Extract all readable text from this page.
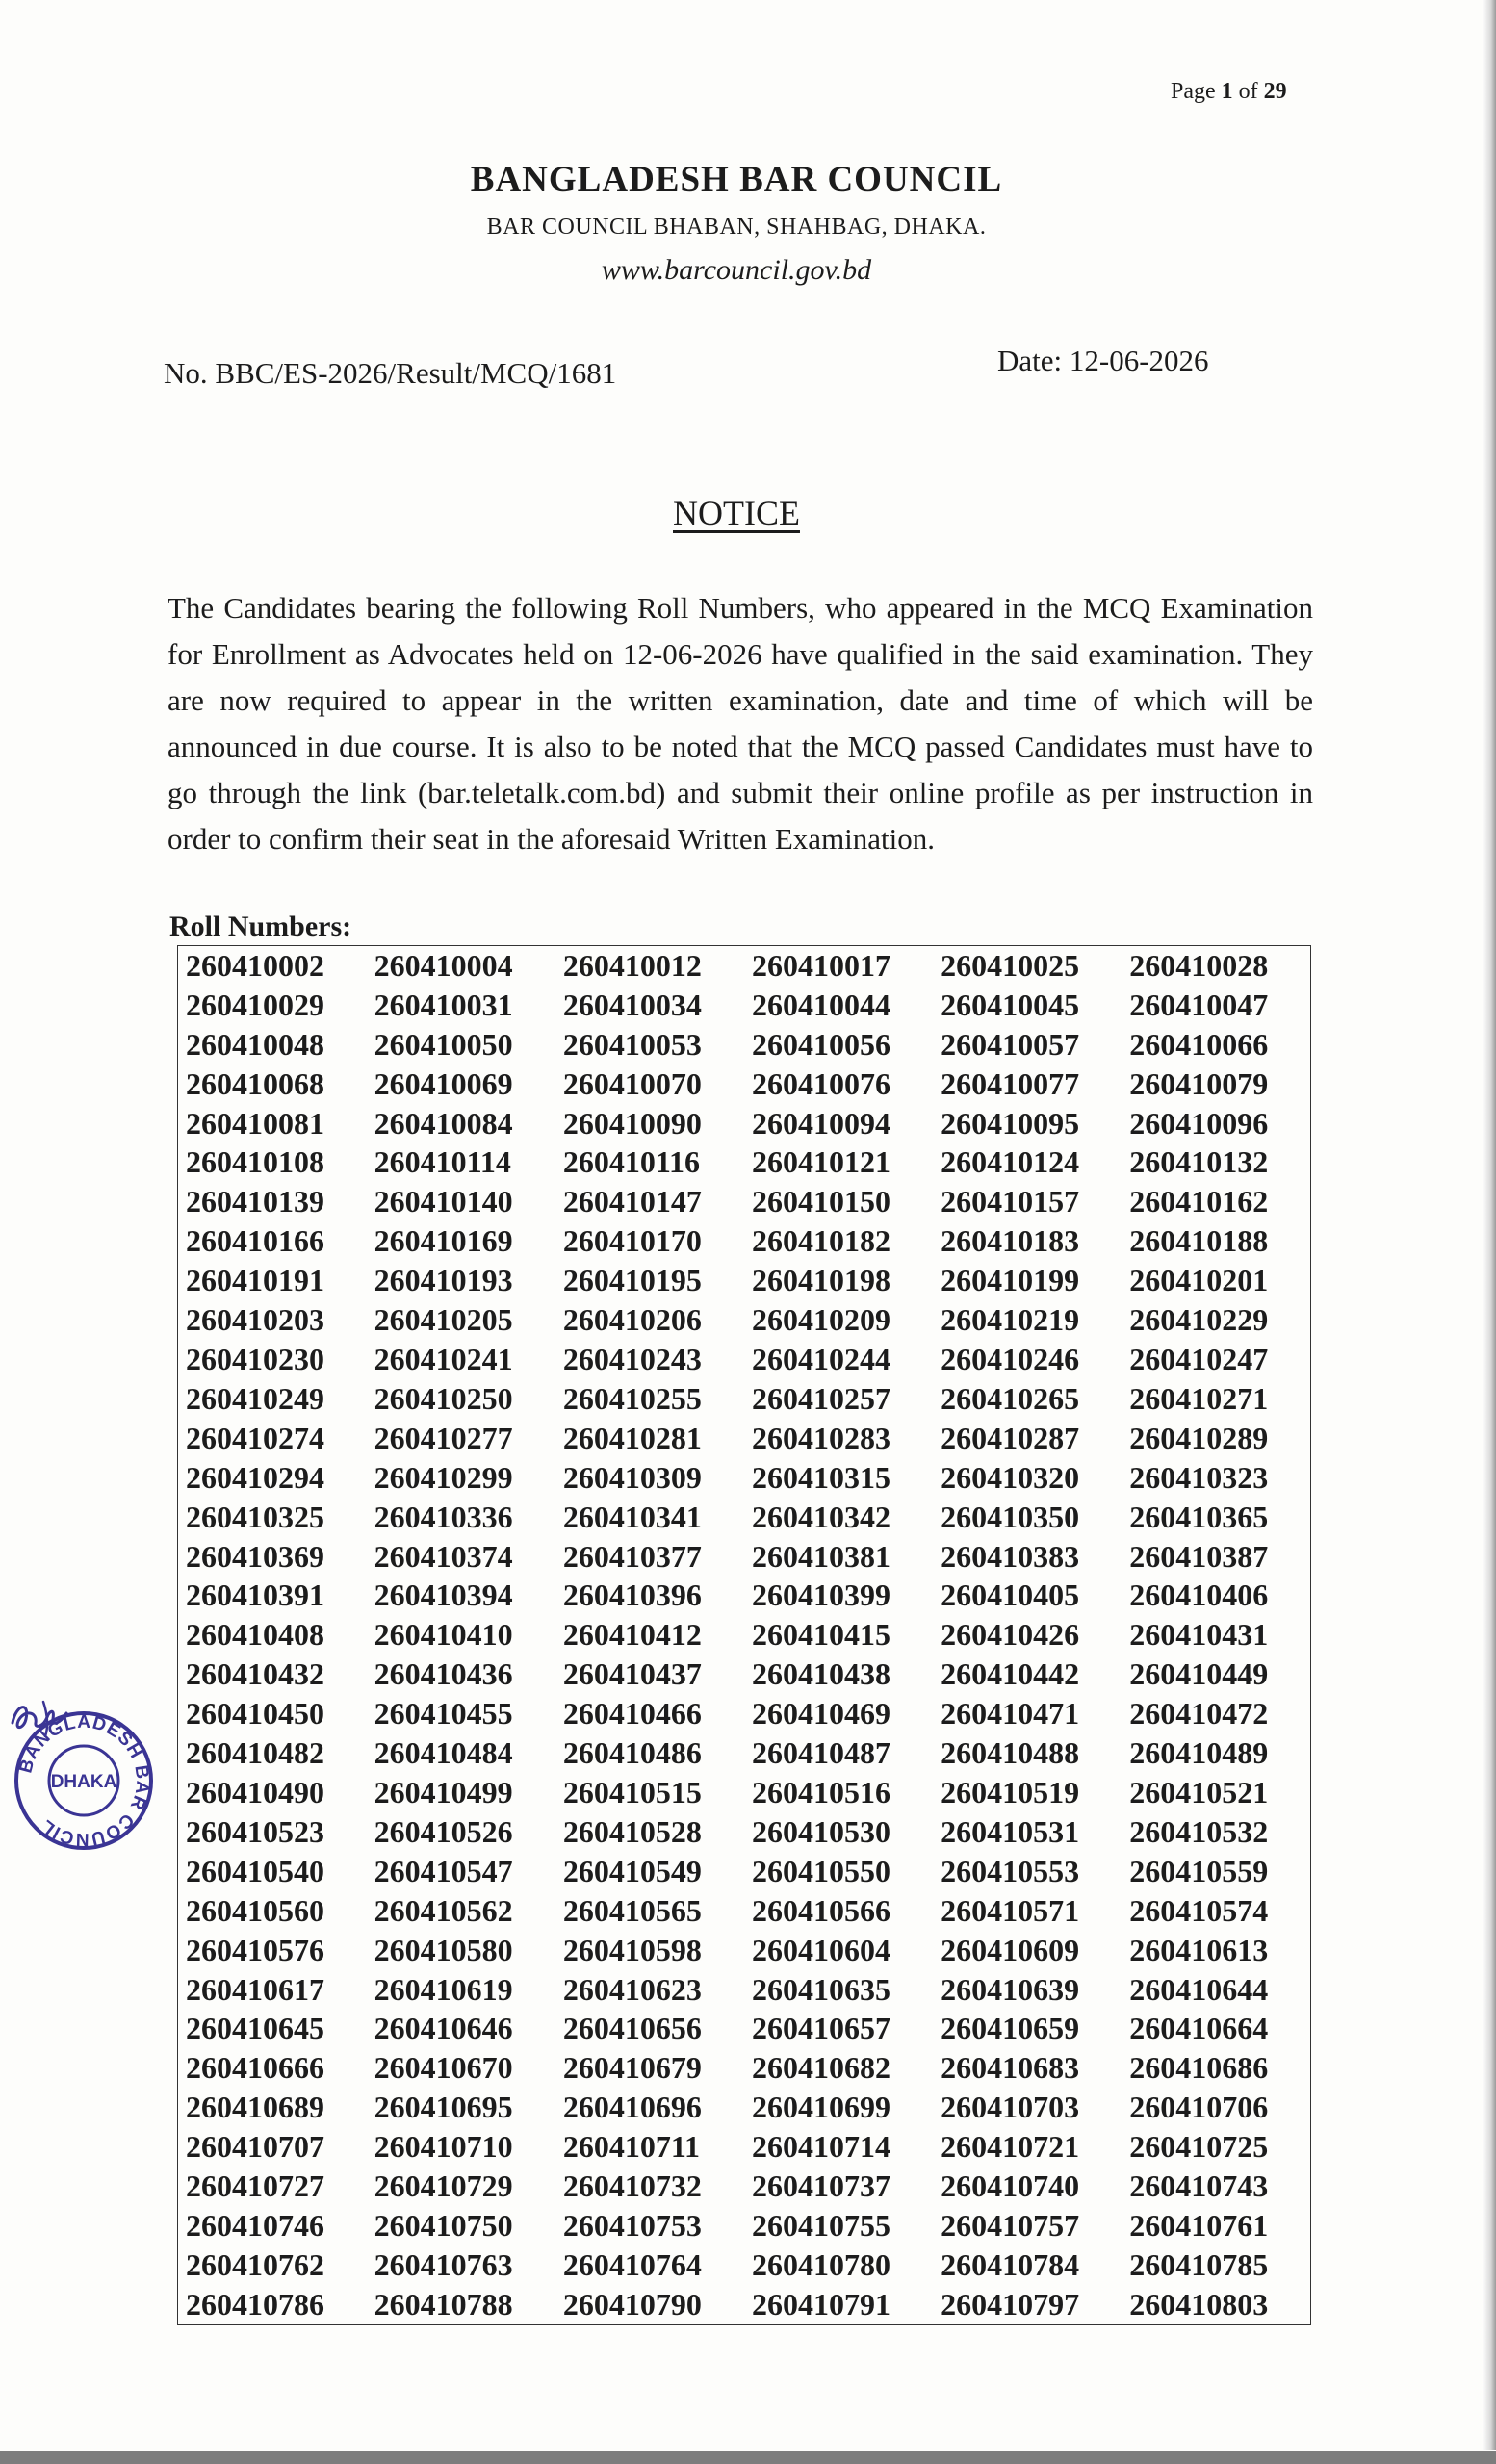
Page 1 of 29
BANGLADESH BAR COUNCIL
BAR COUNCIL BHABAN, SHAHBAG, DHAKA.
www.barcouncil.gov.bd
No. BBC/ES-2026/Result/MCQ/1681	Date: 12-06-2026
NOTICE
The Candidates bearing the following Roll Numbers, who appeared in the MCQ Examination for Enrollment as Advocates held on 12-06-2026 have qualified in the said examination. They are now required to appear in the written examination, date and time of which will be announced in due course. It is also to be noted that the MCQ passed Candidates must have to go through the link (bar.teletalk.com.bd) and submit their online profile as per instruction in order to confirm their seat in the aforesaid Written Examination.
Roll Numbers:
260410002	260410004	260410012	260410017	260410025	260410028
260410029	260410031	260410034	260410044	260410045	260410047
260410048	260410050	260410053	260410056	260410057	260410066
260410068	260410069	260410070	260410076	260410077	260410079
260410081	260410084	260410090	260410094	260410095	260410096
260410108	260410114	260410116	260410121	260410124	260410132
260410139	260410140	260410147	260410150	260410157	260410162
260410166	260410169	260410170	260410182	260410183	260410188
260410191	260410193	260410195	260410198	260410199	260410201
260410203	260410205	260410206	260410209	260410219	260410229
260410230	260410241	260410243	260410244	260410246	260410247
260410249	260410250	260410255	260410257	260410265	260410271
260410274	260410277	260410281	260410283	260410287	260410289
260410294	260410299	260410309	260410315	260410320	260410323
260410325	260410336	260410341	260410342	260410350	260410365
260410369	260410374	260410377	260410381	260410383	260410387
260410391	260410394	260410396	260410399	260410405	260410406
260410408	260410410	260410412	260410415	260410426	260410431
260410432	260410436	260410437	260410438	260410442	260410449
260410450	260410455	260410466	260410469	260410471	260410472
260410482	260410484	260410486	260410487	260410488	260410489
260410490	260410499	260410515	260410516	260410519	260410521
260410523	260410526	260410528	260410530	260410531	260410532
260410540	260410547	260410549	260410550	260410553	260410559
260410560	260410562	260410565	260410566	260410571	260410574
260410576	260410580	260410598	260410604	260410609	260410613
260410617	260410619	260410623	260410635	260410639	260410644
260410645	260410646	260410656	260410657	260410659	260410664
260410666	260410670	260410679	260410682	260410683	260410686
260410689	260410695	260410696	260410699	260410703	260410706
260410707	260410710	260410711	260410714	260410721	260410725
260410727	260410729	260410732	260410737	260410740	260410743
260410746	260410750	260410753	260410755	260410757	260410761
260410762	260410763	260410764	260410780	260410784	260410785
260410786	260410788	260410790	260410791	260410797	260410803
BANGLADESH BAR COUNCIL
DHAKA
